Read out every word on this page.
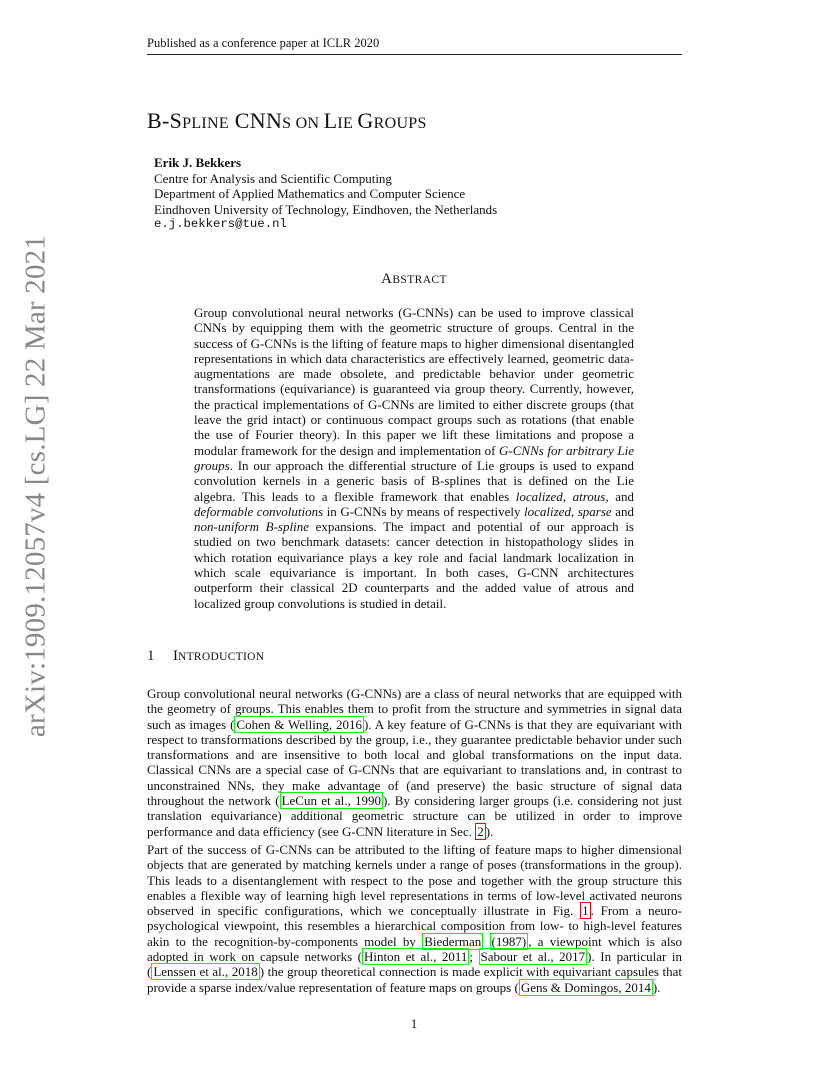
Published as a conference paper at ICLR 2020
B-SPLINE CNNS ON LIE GROUPS
Erik J. Bekkers
Centre for Analysis and Scientific Computing
Department of Applied Mathematics and Computer Science
Eindhoven University of Technology, Eindhoven, the Netherlands
e.j.bekkers@tue.nl
ABSTRACT

Group convolutional neural networks (G-CNNs) can be used to improve classical CNNs by equipping them with the geometric structure of groups. Central in the success of G-CNNs is the lifting of feature maps to higher dimensional disentangled representations in which data characteristics are effectively learned, geometric data-augmentations are made obsolete, and predictable behavior under geometric transformations (equivariance) is guaranteed via group theory. Currently, however, the practical implementations of G-CNNs are limited to either discrete groups (that leave the grid intact) or continuous compact groups such as rotations (that enable the use of Fourier theory). In this paper we lift these limitations and propose a modular framework for the design and implementation of G-CNNs for arbitrary Lie groups. In our approach the differential structure of Lie groups is used to expand convolution kernels in a generic basis of B-splines that is defined on the Lie algebra. This leads to a flexible framework that enables localized, atrous, and deformable convolutions in G-CNNs by means of respectively localized, sparse and non-uniform B-spline expansions. The impact and potential of our approach is studied on two benchmark datasets: cancer detection in histopathology slides in which rotation equivariance plays a key role and facial landmark localization in which scale equivariance is important. In both cases, G-CNN architectures outperform their classical 2D counterparts and the added value of atrous and localized group convolutions is studied in detail.

1 INTRODUCTION

Group convolutional neural networks (G-CNNs) are a class of neural networks that are equipped with the geometry of groups. This enables them to profit from the structure and symmetries in signal data such as images ( Cohen & Welling, 2016 ). A key feature of G-CNNs is that they are equivariant with respect to transformations described by the group, i.e., they guarantee predictable behavior under such transformations and are insensitive to both local and global transformations on the input data. Classical CNNs are a special case of G-CNNs that are equivariant to translations and, in contrast to unconstrained NNs, they make advantage of (and preserve) the basic structure of signal data throughout the network ( LeCun et al., 1990 ). By considering larger groups (i.e. considering not just translation equivariance) additional geometric structure can be utilized in order to improve performance and data efficiency (see G-CNN literature in Sec. 2 ).

Part of the success of G-CNNs can be attributed to the lifting of feature maps to higher dimensional objects that are generated by matching kernels under a range of poses (transformations in the group). This leads to a disentanglement with respect to the pose and together with the group structure this enables a flexible way of learning high level representations in terms of low-level activated neurons observed in specific configurations, which we conceptually illustrate in Fig. 1 . From a neuro-psychological viewpoint, this resembles a hierarchical composition from low- to high-level features akin to the recognition-by-components model by Biederman (1987) , a viewpoint which is also adopted in work on capsule networks ( Hinton et al., 2011 ; Sabour et al., 2017 ). In particular in ( Lenssen et al., 2018 ) the group theoretical connection is made explicit with equivariant capsules that provide a sparse index/value representation of feature maps on groups ( Gens & Domingos, 2014 ).

arXiv:1909.12057v4 [cs.LG] 22 Mar 2021
1
